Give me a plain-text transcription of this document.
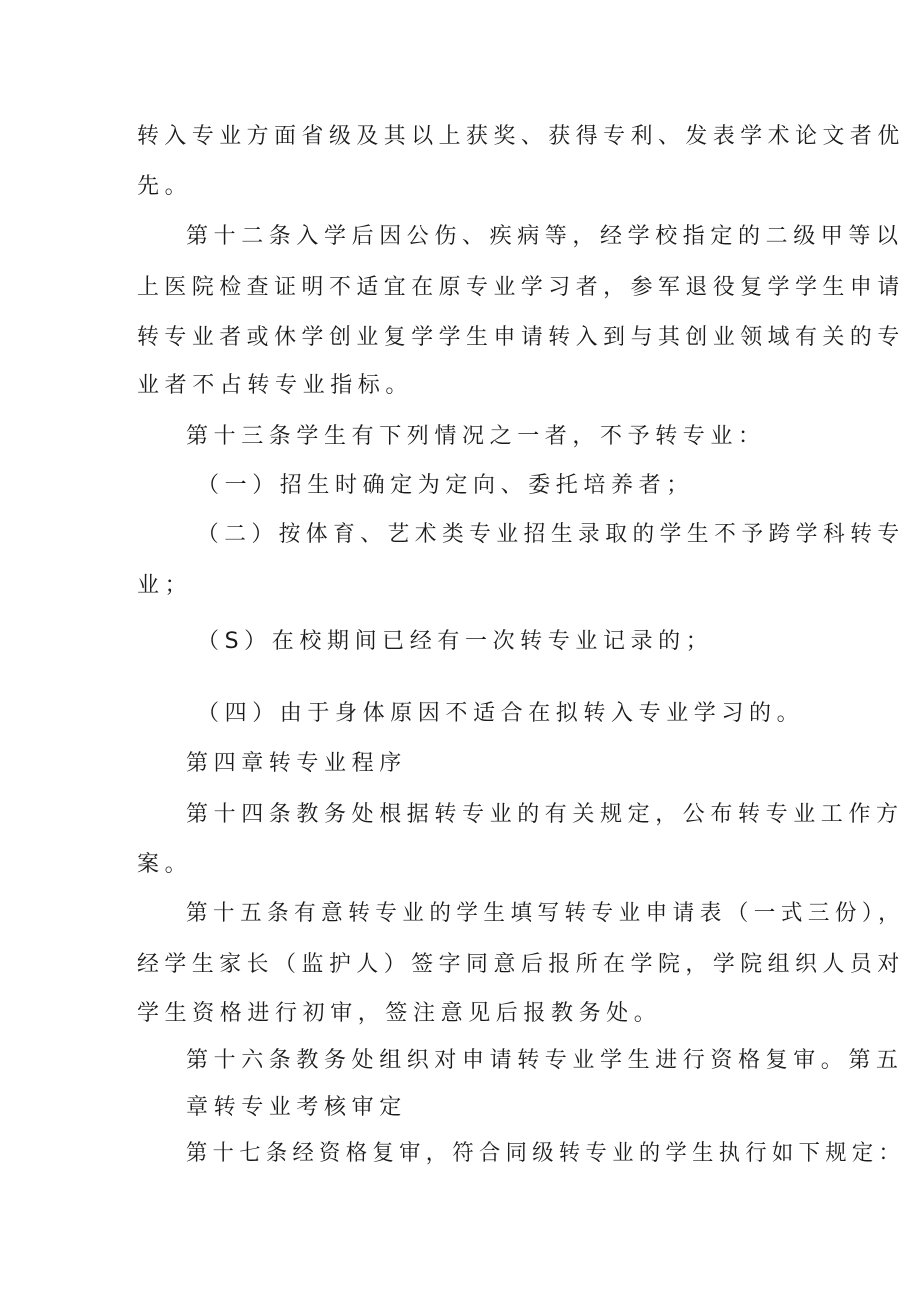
转入专业方面省级及其以上获奖、获得专利、发表学术论文者优
先。
第十二条入学后因公伤、疾病等，经学校指定的二级甲等以
上医院检查证明不适宜在原专业学习者，参军退役复学学生申请
转专业者或休学创业复学学生申请转入到与其创业领域有关的专
业者不占转专业指标。
第十三条学生有下列情况之一者，不予转专业：
（一）招生时确定为定向、委托培养者；
（二）按体育、艺术类专业招生录取的学生不予跨学科转专
业；
（S）在校期间已经有一次转专业记录的；
（四）由于身体原因不适合在拟转入专业学习的。
第四章转专业程序
第十四条教务处根据转专业的有关规定，公布转专业工作方
案。
第十五条有意转专业的学生填写转专业申请表（一式三份），
经学生家长（监护人）签字同意后报所在学院，学院组织人员对
学生资格进行初审，签注意见后报教务处。
第十六条教务处组织对申请转专业学生进行资格复审。第五
章转专业考核审定
第十七条经资格复审，符合同级转专业的学生执行如下规定：
